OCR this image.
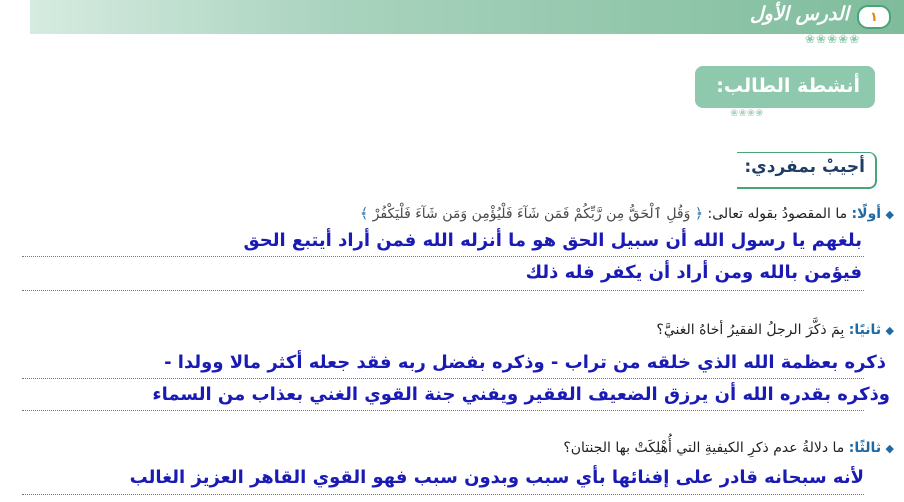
❀❀❀❀❀
الدرس الأول ١
أنشطة الطالب:
❀❀❀❀
أجيبْ بمفردي:
◆ أولًا: ما المقصودُ بقوله تعالى: ﴿ وَقُلِ ٱلْحَقُّ مِن رَّبِّكُمْ فَمَن شَآءَ فَلْيُؤْمِن وَمَن شَآءَ فَلْيَكْفُرْ ﴾
بلغهم يا رسول الله أن سبيل الحق هو ما أنزله الله فمن أراد أيتبع الحق
فيؤمن بالله ومن أراد أن يكفر فله ذلك
◆ ثانيًا: بِمَ ذكَّرَ الرجلُ الفقيرُ أخاهُ الغنيَّ؟
ذكره بعظمة الله الذي خلقه من تراب - وذكره بفضل ربه فقد جعله أكثر مالا وولدا -
وذكره بقدره الله أن يرزق الضعيف الفقير ويفني جنة القوي الغني بعذاب من السماء
◆ ثالثًا: ما دلالةُ عدم ذكرِ الكيفيةِ التي أُهْلِكَتْ بها الجنتان؟
لأنه سبحانه قادر على إفنائها بأي سبب وبدون سبب فهو القوي القاهر العزيز الغالب
